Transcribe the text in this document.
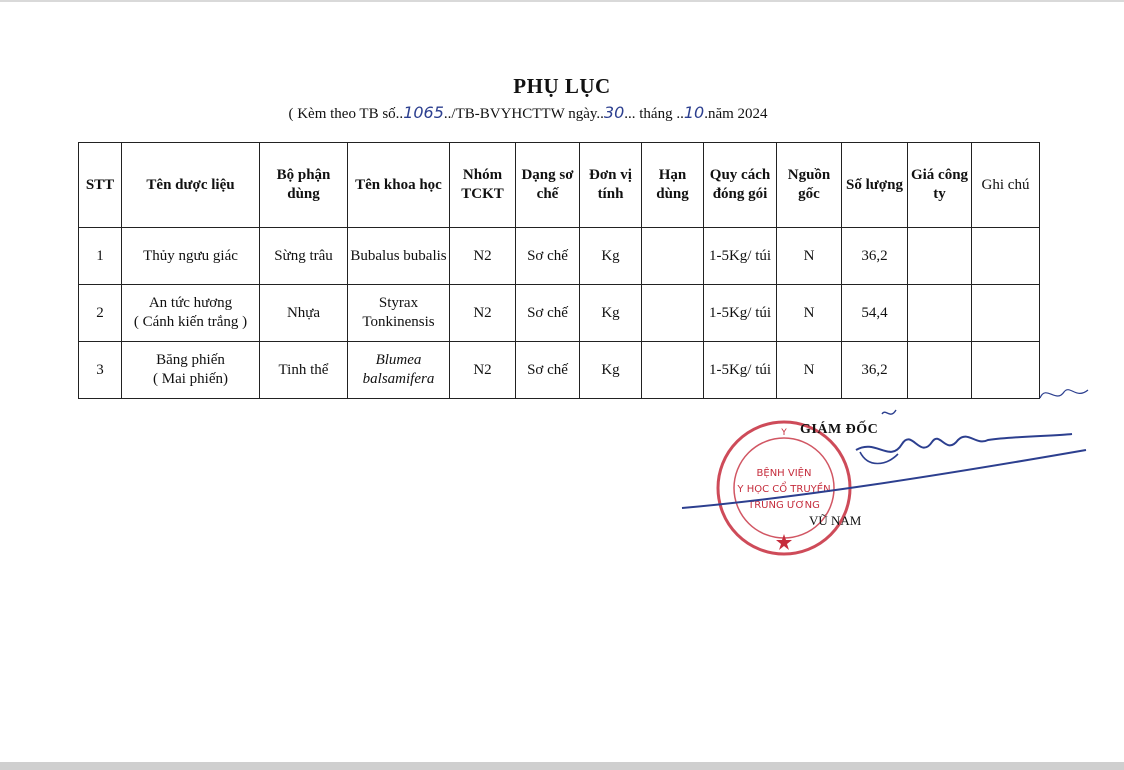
PHỤ LỤC
( Kèm theo TB số..1065../TB-BVYHCTTW ngày..30... tháng ..10.năm 2024
STT	Tên dược liệu	Bộ phận dùng	Tên khoa học	Nhóm TCKT	Dạng sơ chế	Đơn vị tính	Hạn dùng	Quy cách đóng gói	Nguồn gốc	Số lượng	Giá công ty	Ghi chú
1	Thủy ngưu giác	Sừng trâu	Bubalus bubalis	N2	Sơ chế	Kg		1-5Kg/ túi	N	36,2		
2	An tức hương
( Cánh kiến trắng )	Nhựa	Styrax
Tonkinensis	N2	Sơ chế	Kg		1-5Kg/ túi	N	54,4		
3	Băng phiến
( Mai phiến)	Tinh thể	Blumea
balsamifera	N2	Sơ chế	Kg		1-5Kg/ túi	N	36,2		
Y
BỆNH VIỆN
Y HỌC CỔ TRUYỀN
TRUNG ƯƠNG
GIÁM ĐỐC
VŨ NAM
